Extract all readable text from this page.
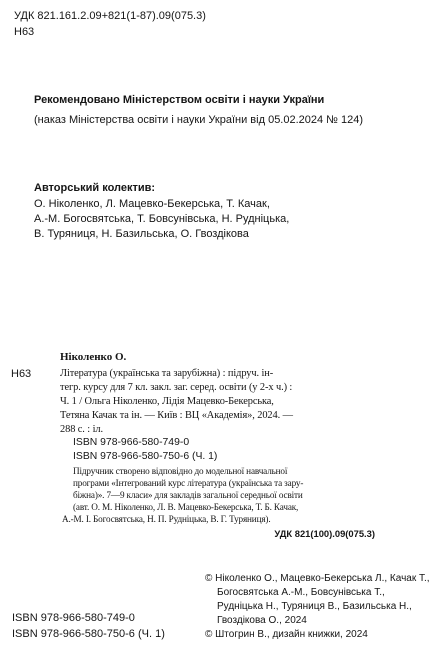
УДК 821.161.2.09+821(1-87).09(075.3)
Н63
Рекомендовано Міністерством освіти і науки України
(наказ Міністерства освіти і науки України від 05.02.2024 № 124)
Авторський колектив:
О. Ніколенко, Л. Мацевко-Бекерська, Т. Качак,
А.-М. Богосвятська, Т. Бовсунівська, Н. Рудніцька,
В. Туряниця, Н. Базильська, О. Гвоздікова
Н63
Ніколенко О.
Література (українська та зарубіжна) : підруч. ін-
тегр. курсу для 7 кл. закл. заг. серед. освіти (у 2-х ч.) :
Ч. 1 / Ольга Ніколенко, Лідія Мацевко-Бекерська,
Тетяна Качак та ін. — Київ : ВЦ «Академія», 2024. —
288 с. : іл.
ISBN 978-966-580-749-0
ISBN 978-966-580-750-6 (Ч. 1)
Підручник створено відповідно до модельної навчальної
програми «Інтегрований курс література (українська та зару-
біжна)». 7—9 класи» для закладів загальної середньої освіти
(авт. О. М. Ніколенко, Л. В. Мацевко-Бекерська, Т. Б. Качак,
А.-М. І. Богосвятська, Н. П. Рудніцька, В. Г. Туряниця).
УДК 821(100).09(075.3)
© Ніколенко О., Мацевко-Бекерська Л., Качак Т.,
Богосвятська А.-М., Бовсунівська Т.,
Рудніцька Н., Туряниця В., Базильська Н.,
Гвоздікова О., 2024
© Штогрин В., дизайн книжки, 2024
ISBN 978-966-580-749-0
ISBN 978-966-580-750-6 (Ч. 1)
